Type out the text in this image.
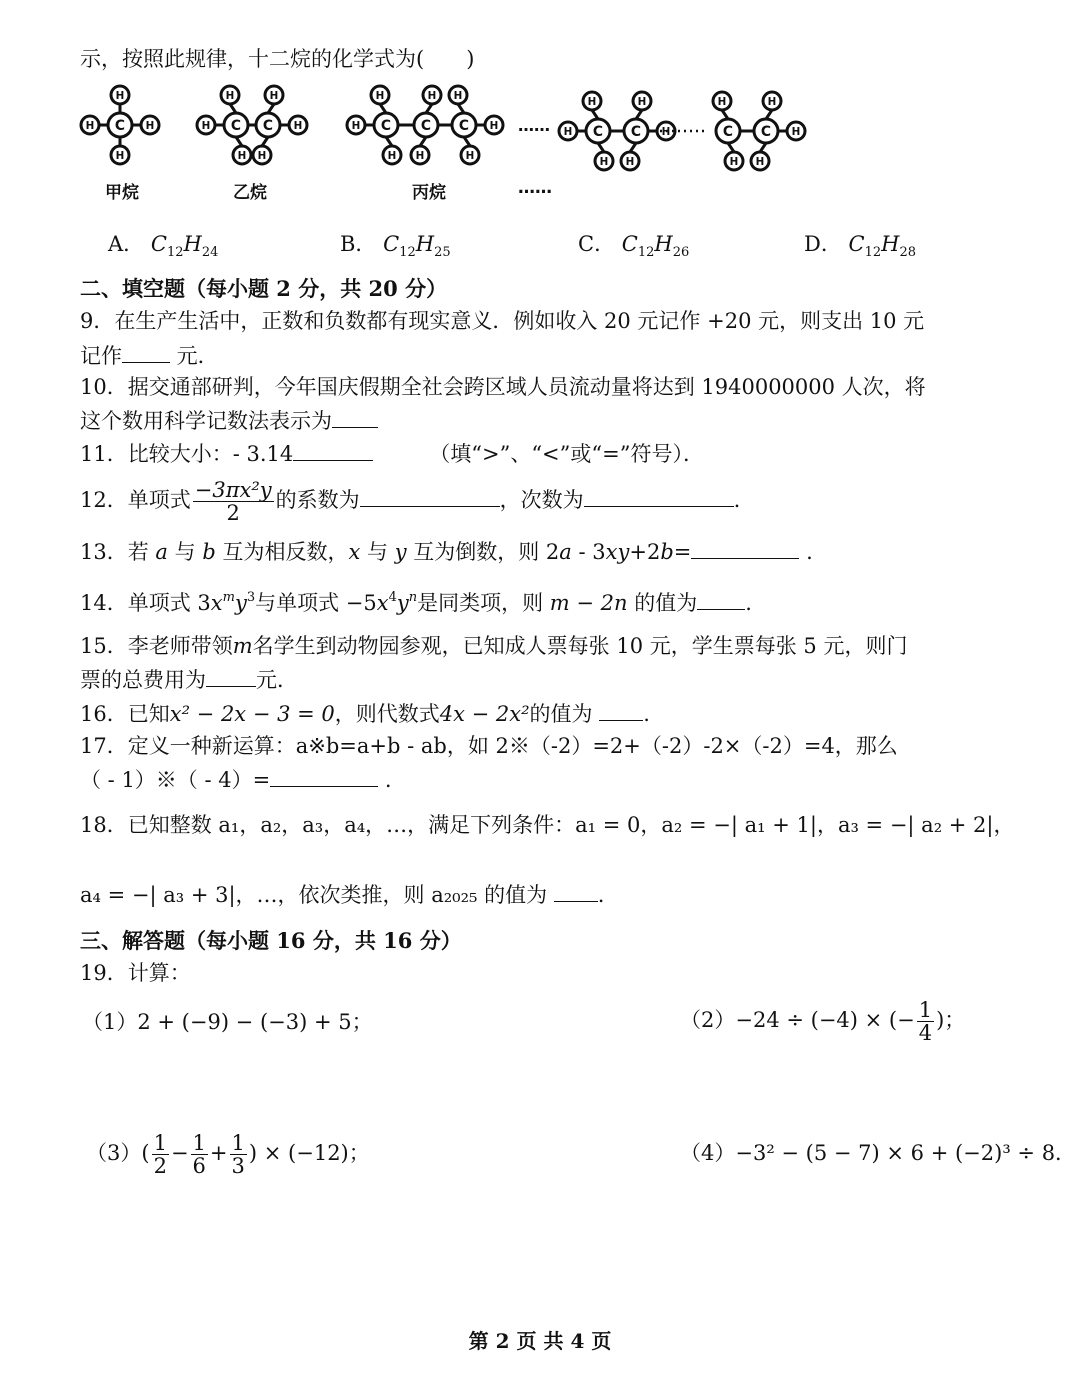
示，按照此规律，十二烷的化学式为(　　)
H	H
H
H
C	H	H
H
H
C
H
H
C	H	H
H
H
C
H
H
C
H
H
C	…… H	H
H
H
C
H
H
C	H
H
H
C
H
H
C
甲烷	乙烷	丙烷	……
A． $C_{12}H_{24}$	B． $C_{12}H_{25}$	C． $C_{12}H_{26}$	D． $C_{12}H_{28}$
二、填空题（每小题 2 分，共 20 分）
9．在生产生活中，正数和负数都有现实意义．例如收入 20 元记作 +20 元，则支出 10 元
记作 元．
10．据交通部研判，今年国庆假期全社会跨区域人员流动量将达到 1940000000 人次，将
这个数用科学记数法表示为
11．比较大小：- 3.14	（填“>”、“<”或“=”符号）．
12．单项式 $\frac{\text{−3πx²y}}{2}$ 的系数为	，次数为	.
13．若 a 与 b 互为相反数，x 与 y 互为倒数，则 2a - 3xy+2b=	.
14．单项式 $3x^my^3$与单项式 $-5x^4y^n$是同类项，则 m − 2n 的值为 .
15．李老师带领m名学生到动物园参观，已知成人票每张 10 元，学生票每张 5 元，则门
票的总费用为 元．
16．已知x² − 2x − 3 = 0，则代数式4x − 2x²的值为 .
17．定义一种新运算：a※b=a+b - ab，如 2※（-2）=2+（-2）-2×（-2）=4，那么
（ - 1）※（ - 4）=	.
18．已知整数 a₁，a₂，a₃，a₄，…，满足下列条件：a₁ = 0，a₂ = −| a₁ + 1|，a₃ = −| a₂ + 2|，
a₄ = −| a₃ + 3|，…，依次类推，则 a₂₀₂₅ 的值为 .
三、解答题（每小题 16 分，共 16 分）
19．计算：
（1）2 + (−9) − (−3) + 5；	（2）−24 ÷ (−4) × (− $\frac{1}{4}$ )；
$(3)( \frac{1}{2} - \frac{1}{6} + \frac{1}{3}$ ) × (−12)；	（4）−3² − (5 − 7) × 6 + (−2)³ ÷ 8．
第 2 页 共 4 页
